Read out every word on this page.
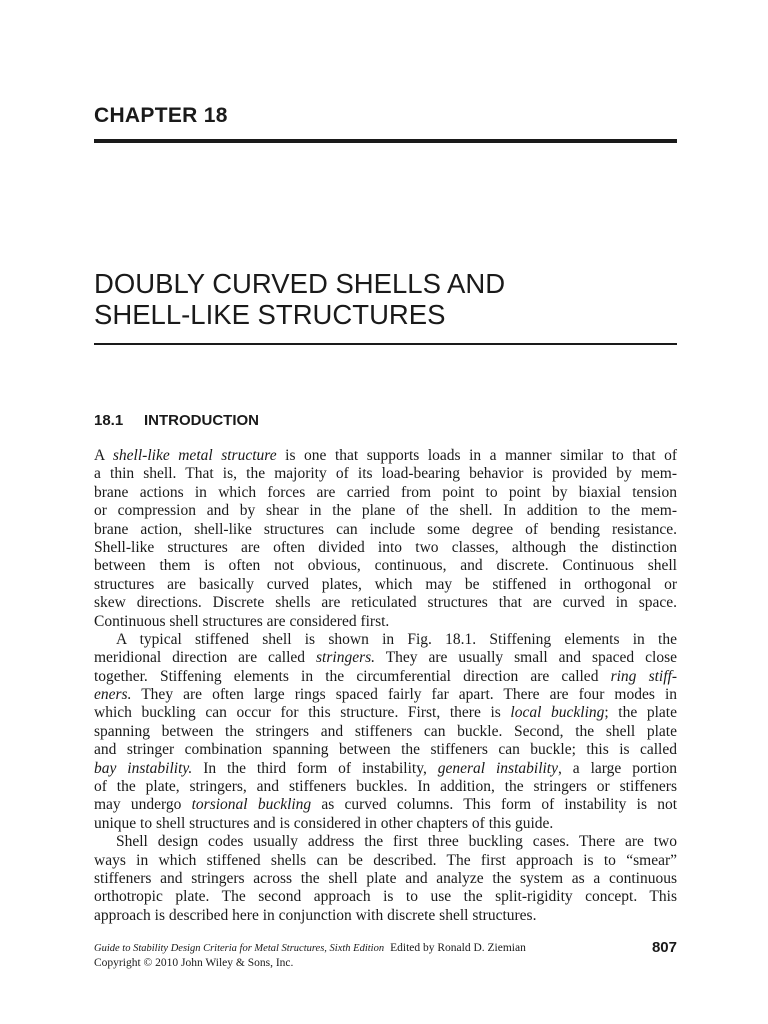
CHAPTER 18
DOUBLY CURVED SHELLS AND
SHELL-LIKE STRUCTURES
18.1 INTRODUCTION
A shell-like metal structure is one that supports loads in a manner similar to that of
a thin shell. That is, the majority of its load-bearing behavior is provided by mem-
brane actions in which forces are carried from point to point by biaxial tension
or compression and by shear in the plane of the shell. In addition to the mem-
brane action, shell-like structures can include some degree of bending resistance.
Shell-like structures are often divided into two classes, although the distinction
between them is often not obvious, continuous, and discrete. Continuous shell
structures are basically curved plates, which may be stiffened in orthogonal or
skew directions. Discrete shells are reticulated structures that are curved in space.
Continuous shell structures are considered first.
A typical stiffened shell is shown in Fig. 18.1. Stiffening elements in the
meridional direction are called stringers. They are usually small and spaced close
together. Stiffening elements in the circumferential direction are called ring stiff-
eners. They are often large rings spaced fairly far apart. There are four modes in
which buckling can occur for this structure. First, there is local buckling; the plate
spanning between the stringers and stiffeners can buckle. Second, the shell plate
and stringer combination spanning between the stiffeners can buckle; this is called
bay instability. In the third form of instability, general instability, a large portion
of the plate, stringers, and stiffeners buckles. In addition, the stringers or stiffeners
may undergo torsional buckling as curved columns. This form of instability is not
unique to shell structures and is considered in other chapters of this guide.
Shell design codes usually address the first three buckling cases. There are two
ways in which stiffened shells can be described. The first approach is to “smear”
stiffeners and stringers across the shell plate and analyze the system as a continuous
orthotropic plate. The second approach is to use the split-rigidity concept. This
approach is described here in conjunction with discrete shell structures.
Guide to Stability Design Criteria for Metal Structures, Sixth Edition Edited by Ronald D. Ziemian
Copyright © 2010 John Wiley & Sons, Inc.
807
